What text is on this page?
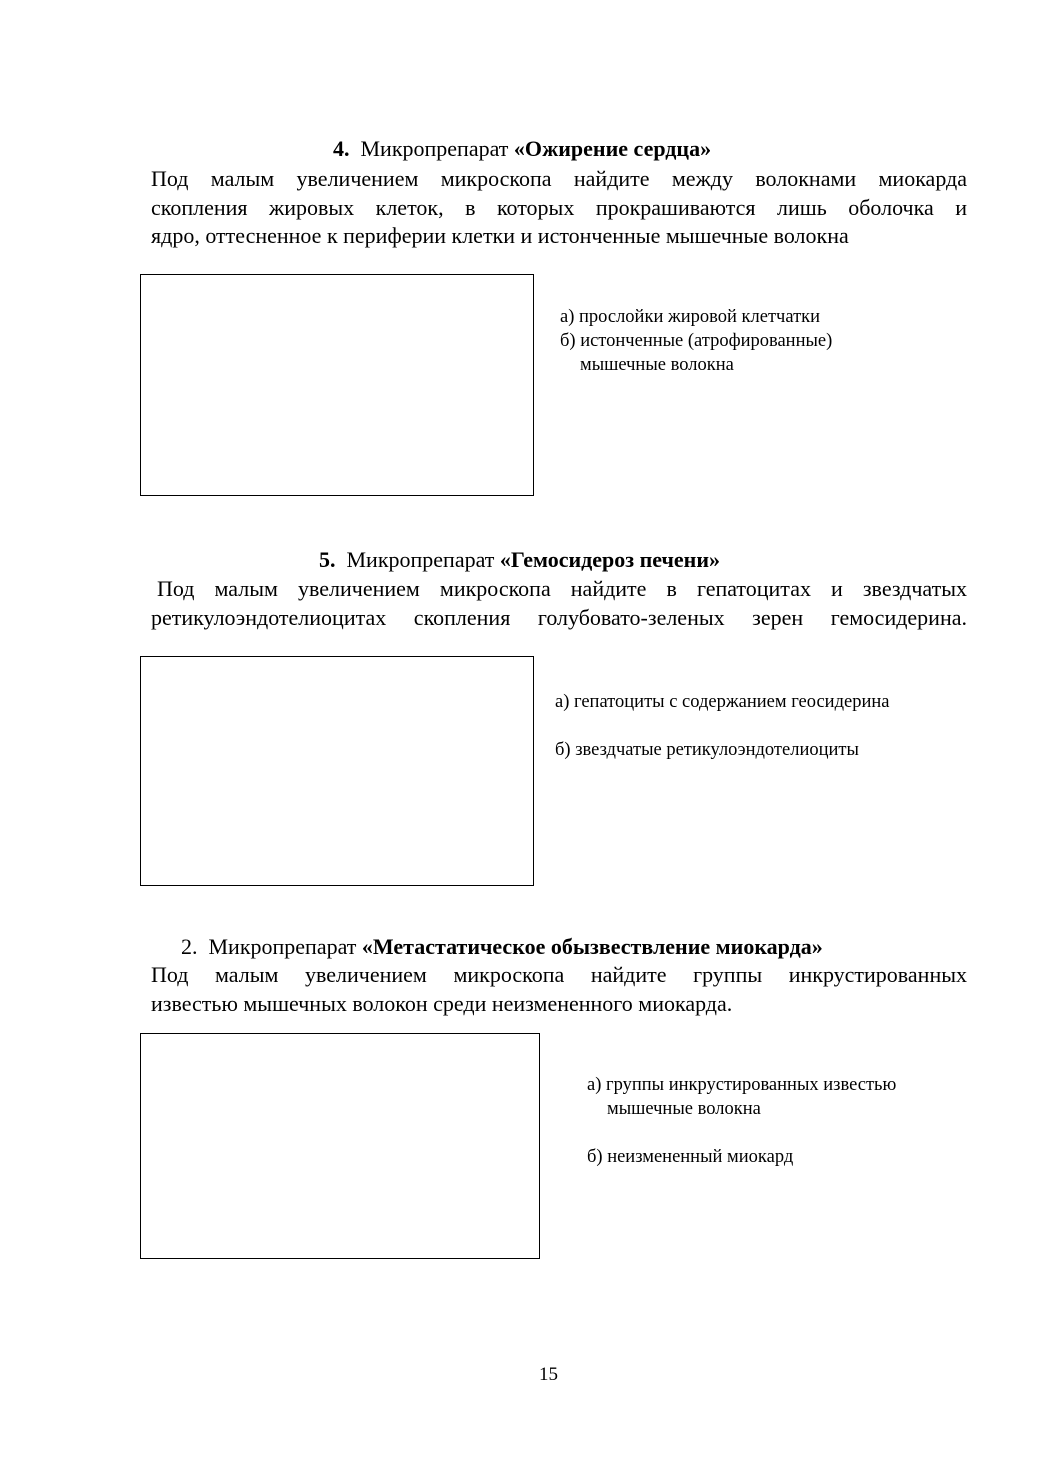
4. Микропрепарат «Ожирение сердца»
Под малым увеличением микроскопа найдите между волокнами миокарда
скопления жировых клеток, в которых прокрашиваются лишь оболочка и
ядро, оттесненное к периферии клетки и истонченные мышечные волокна
а) прослойки жировой клетчатки
б) истонченные (атрофированные)
мышечные волокна
5. Микропрепарат «Гемосидероз печени»
Под малым увеличением микроскопа найдите в гепатоцитах и звездчатых
ретикулоэндотелиоцитах скопления голубовато-зеленых зерен гемосидерина.
а) гепатоциты с содержанием геосидерина
б) звездчатые ретикулоэндотелиоциты
2. Микропрепарат «Метастатическое обызвествление миокарда»
Под малым увеличением микроскопа найдите группы инкрустированных
известью мышечных волокон среди неизмененного миокарда.
а) группы инкрустированных известью
мышечные волокна
б) неизмененный миокард
15
